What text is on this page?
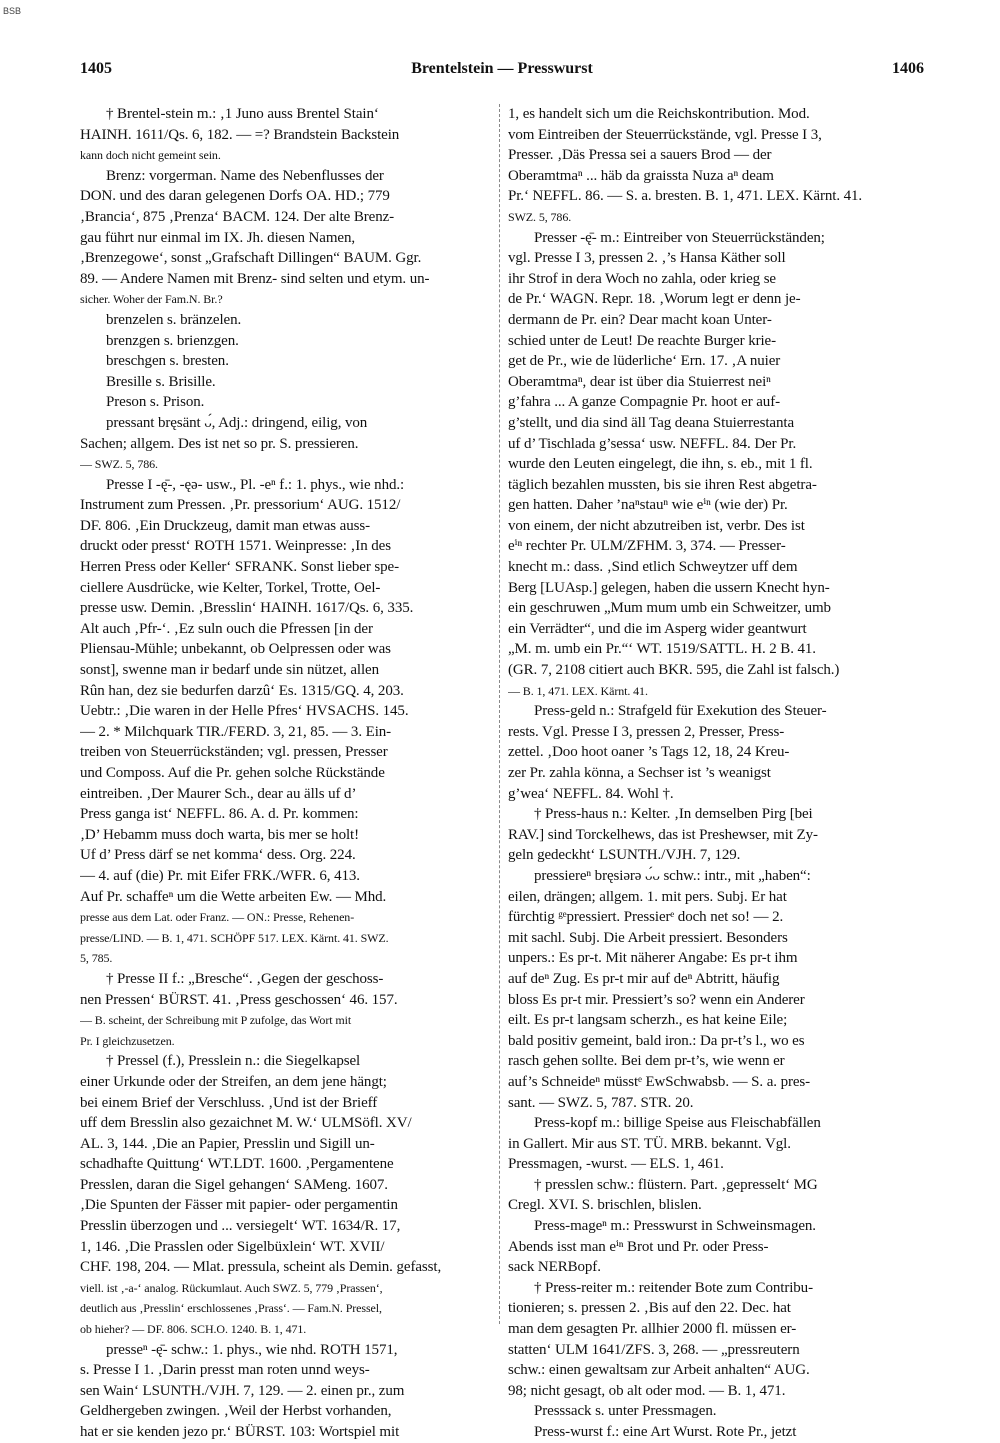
BSB
1405	Brentelstein — Presswurst	1406
† Brentel-stein m.: ‚1 Juno auss Brentel Stain‘
HAINH. 1611/Qs. 6, 182. — =? Brandstein Backstein
kann doch nicht gemeint sein.
Brenz: vorgerman. Name des Nebenflusses der
DON. und des daran gelegenen Dorfs OA. HD.; 779
‚Brancia‘, 875 ‚Prenza‘ BACM. 124. Der alte Brenz-
gau führt nur einmal im IX. Jh. diesen Namen,
‚Brenzegowe‘, sonst „Grafschaft Dillingen“ BAUM. Ggr.
89. — Andere Namen mit Brenz- sind selten und etym. un-
sicher. Woher der Fam.N. Br.?
brenzelen s. bränzelen.
brenzgen s. brienzgen.
breschgen s. bresten.
Bresille s. Brisille.
Preson s. Prison.
pressant bręsänt ᴗ́, Adj.: dringend, eilig, von
Sachen; allgem. Des ist net so pr. S. pressieren.
— SWZ. 5, 786.
Presse I -ę̄-, -ęə- usw., Pl. -eⁿ f.: 1. phys., wie nhd.:
Instrument zum Pressen. ‚Pr. pressorium‘ AUG. 1512/
DF. 806. ‚Ein Druckzeug, damit man etwas auss-
druckt oder presst‘ ROTH 1571. Weinpresse: ‚In des
Herren Press oder Keller‘ SFRANK. Sonst lieber spe-
ciellere Ausdrücke, wie Kelter, Torkel, Trotte, Oel-
presse usw. Demin. ‚Bresslin‘ HAINH. 1617/Qs. 6, 335.
Alt auch ‚Pfr-‘. ‚Ez suln ouch die Pfressen [in der
Pliensau-Mühle; unbekannt, ob Oelpressen oder was
sonst], swenne man ir bedarf unde sin nützet, allen
Rûn han, dez sie bedurfen darzû‘ Es. 1315/GQ. 4, 203.
Uebtr.: ‚Die waren in der Helle Pfres‘ HVSACHS. 145.
— 2. * Milchquark TIR./FERD. 3, 21, 85. — 3. Ein-
treiben von Steuerrückständen; vgl. pressen, Presser
und Composs. Auf die Pr. gehen solche Rückstände
eintreiben. ‚Der Maurer Sch., dear au älls uf d’
Press ganga ist‘ NEFFL. 86. A. d. Pr. kommen:
‚D’ Hebamm muss doch warta, bis mer se holt!
Uf d’ Press därf se net komma‘ dess. Org. 224.
— 4. auf (die) Pr. mit Eifer FRK./WFR. 6, 413.
Auf Pr. schaffeⁿ um die Wette arbeiten Ew. — Mhd.
presse aus dem Lat. oder Franz. — ON.: Presse, Rehenen-
presse/LIND. — B. 1, 471. SCHÖPF 517. LEX. Kärnt. 41. SWZ.
5, 785.
† Presse II f.: „Bresche“. ‚Gegen der geschoss-
nen Pressen‘ BÜRST. 41. ‚Press geschossen‘ 46. 157.
— B. scheint, der Schreibung mit P zufolge, das Wort mit
Pr. I gleichzusetzen.
† Pressel (f.), Presslein n.: die Siegelkapsel
einer Urkunde oder der Streifen, an dem jene hängt;
bei einem Brief der Verschluss. ‚Und ist der Brieff
uff dem Bresslin also gezaichnet M. W.‘ ULMSöfl. XV/
AL. 3, 144. ‚Die an Papier, Presslin und Sigill un-
schadhafte Quittung‘ WT.LDT. 1600. ‚Pergamentene
Presslen, daran die Sigel gehangen‘ SAMeng. 1607.
‚Die Spunten der Fässer mit papier- oder pergamentin
Presslin überzogen und ... versiegelt‘ WT. 1634/R. 17,
1, 146. ‚Die Prasslen oder Sigelbüxlein‘ WT. XVII/
CHF. 198, 204. — Mlat. pressula, scheint als Demin. gefasst,
viell. ist ‚-a-‘ analog. Rückumlaut. Auch SWZ. 5, 779 ‚Prassen‘,
deutlich aus ‚Presslin‘ erschlossenes ‚Prass‘. — Fam.N. Pressel,
ob hieher? — DF. 806. SCH.O. 1240. B. 1, 471.
presseⁿ -ę̄- schw.: 1. phys., wie nhd. ROTH 1571,
s. Presse I 1. ‚Darin presst man roten unnd weys-
sen Wain‘ LSUNTH./VJH. 7, 129. — 2. einen pr., zum
Geldhergeben zwingen. ‚Weil der Herbst vorhanden,
hat er sie kenden jezo pr.‘ BÜRST. 103: Wortspiel mit
1, es handelt sich um die Reichskontribution. Mod.
vom Eintreiben der Steuerrückstände, vgl. Presse I 3,
Presser. ‚Däs Pressa sei a sauers Brod — der
Oberamtmaⁿ ... häb da graissta Nuza aⁿ deam
Pr.‘ NEFFL. 86. — S. a. bresten. B. 1, 471. LEX. Kärnt. 41.
SWZ. 5, 786.
Presser -ę̄- m.: Eintreiber von Steuerrückständen;
vgl. Presse I 3, pressen 2. ‚’s Hansa Käther soll
ihr Strof in dera Woch no zahla, oder krieg se
de Pr.‘ WAGN. Repr. 18. ‚Worum legt er denn je-
dermann de Pr. ein? Dear macht koan Unter-
schied unter de Leut! De reachte Burger krie-
get de Pr., wie de lüderliche‘ Ern. 17. ‚A nuier
Oberamtmaⁿ, dear ist über dia Stuierrest neiⁿ
g’fahra ... A ganze Compagnie Pr. hoot er auf-
g’stellt, und dia sind äll Tag deana Stuierrestanta
uf d’ Tischlada g’sessa‘ usw. NEFFL. 84. Der Pr.
wurde den Leuten eingelegt, die ihn, s. eb., mit 1 fl.
täglich bezahlen mussten, bis sie ihren Rest abgetra-
gen hatten. Daher ’naⁿstauⁿ wie eⁱⁿ (wie der) Pr.
von einem, der nicht abzutreiben ist, verbr. Des ist
eⁱⁿ rechter Pr. ULM/ZFHM. 3, 374. — Presser-
knecht m.: dass. ‚Sind etlich Schweytzer uff dem
Berg [LUAsp.] gelegen, haben die ussern Knecht hyn-
ein geschruwen „Mum mum umb ein Schweitzer, umb
ein Verrädter“, und die im Asperg wider geantwurt
„M. m. umb ein Pr.“‘ WT. 1519/SATTL. H. 2 B. 41.
(GR. 7, 2108 citiert auch BKR. 595, die Zahl ist falsch.)
— B. 1, 471. LEX. Kärnt. 41.
Press-geld n.: Strafgeld für Exekution des Steuer-
rests. Vgl. Presse I 3, pressen 2, Presser, Press-
zettel. ‚Doo hoot oaner ’s Tags 12, 18, 24 Kreu-
zer Pr. zahla könna, a Sechser ist ’s weanigst
g’wea‘ NEFFL. 84. Wohl †.
† Press-haus n.: Kelter. ‚In demselben Pirg [bei
RAV.] sind Torckelhews, das ist Preshewser, mit Zy-
geln gedeckht‘ LSUNTH./VJH. 7, 129.
pressiereⁿ bręsiərə ᴗ́ᴗ schw.: intr., mit „haben“:
eilen, drängen; allgem. 1. mit pers. Subj. Er hat
fürchtig ᵍᵉpressiert. Pressierᵉ doch net so! — 2.
mit sachl. Subj. Die Arbeit pressiert. Besonders
unpers.: Es pr-t. Mit näherer Angabe: Es pr-t ihm
auf deⁿ Zug. Es pr-t mir auf deⁿ Abtritt, häufig
bloss Es pr-t mir. Pressiert’s so? wenn ein Anderer
eilt. Es pr-t langsam scherzh., es hat keine Eile;
bald positiv gemeint, bald iron.: Da pr-t’s l., wo es
rasch gehen sollte. Bei dem pr-t’s, wie wenn er
auf’s Schneideⁿ müsstᵉ EwSchwabsb. — S. a. pres-
sant. — SWZ. 5, 787. STR. 20.
Press-kopf m.: billige Speise aus Fleischabfällen
in Gallert. Mir aus ST. TÜ. MRB. bekannt. Vgl.
Pressmagen, -wurst. — ELS. 1, 461.
† presslen schw.: flüstern. Part. ‚gepresselt‘ MG
Cregl. XVI. S. brischlen, blislen.
Press-mageⁿ m.: Presswurst in Schweinsmagen.
Abends isst man eⁱⁿ Brot und Pr. oder Press-
sack NERBopf.
† Press-reiter m.: reitender Bote zum Contribu-
tionieren; s. pressen 2. ‚Bis auf den 22. Dec. hat
man dem gesagten Pr. allhier 2000 fl. müssen er-
statten‘ ULM 1641/ZFS. 3, 268. — „pressreutern
schw.: einen gewaltsam zur Arbeit anhalten“ AUG.
98; nicht gesagt, ob alt oder mod. — B. 1, 471.
Presssack s. unter Pressmagen.
Press-wurst f.: eine Art Wurst. Rote Pr., jetzt
